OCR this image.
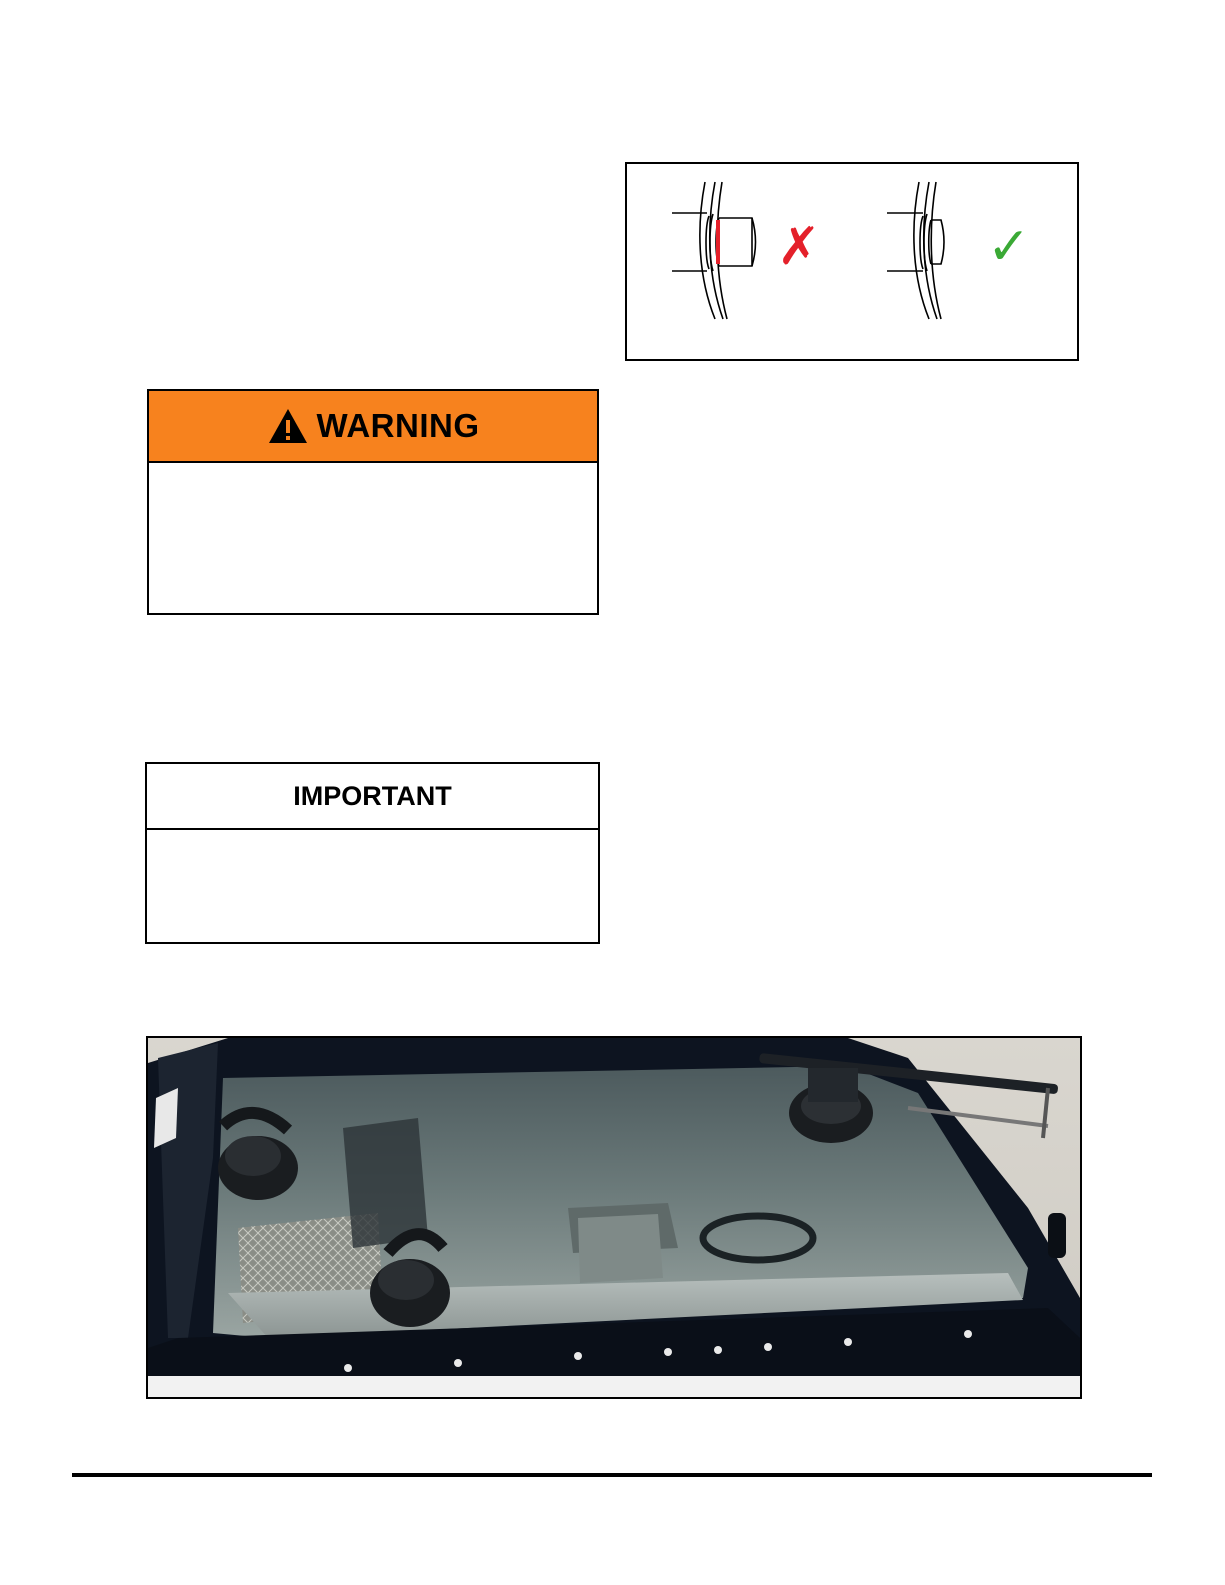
✗	✓
WARNING
IMPORTANT
